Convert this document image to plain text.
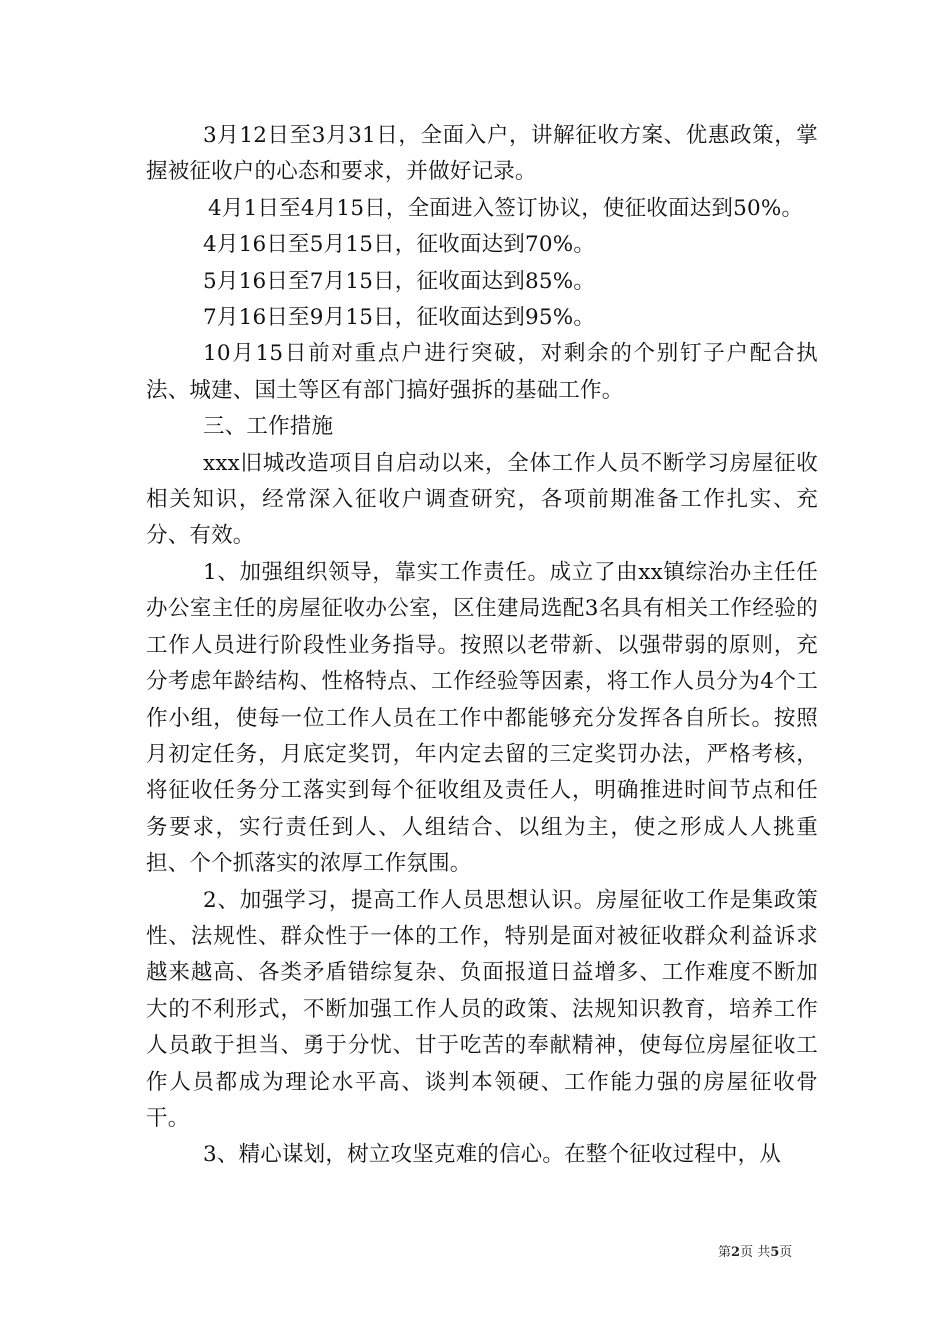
3月12日至3月31日，全面入户，讲解征收方案、优惠政策，掌握被征收户的心态和要求，并做好记录。

4月1日至4月15日，全面进入签订协议，使征收面达到50%。

4月16日至5月15日，征收面达到70%。

5月16日至7月15日，征收面达到85%。

7月16日至9月15日，征收面达到95%。

10月15日前对重点户进行突破，对剩余的个别钉子户配合执法、城建、国土等区有部门搞好强拆的基础工作。

三、工作措施

xxx旧城改造项目自启动以来，全体工作人员不断学习房屋征收相关知识，经常深入征收户调查研究，各项前期准备工作扎实、充分、有效。

1、加强组织领导，靠实工作责任。成立了由xx镇综治办主任任办公室主任的房屋征收办公室，区住建局选配3名具有相关工作经验的工作人员进行阶段性业务指导。按照以老带新、以强带弱的原则，充分考虑年龄结构、性格特点、工作经验等因素，将工作人员分为4个工作小组，使每一位工作人员在工作中都能够充分发挥各自所长。按照月初定任务，月底定奖罚，年内定去留的三定奖罚办法，严格考核，将征收任务分工落实到每个征收组及责任人，明确推进时间节点和任务要求，实行责任到人、人组结合、以组为主，使之形成人人挑重担、个个抓落实的浓厚工作氛围。

2、加强学习，提高工作人员思想认识。房屋征收工作是集政策性、法规性、群众性于一体的工作，特别是面对被征收群众利益诉求越来越高、各类矛盾错综复杂、负面报道日益增多、工作难度不断加大的不利形式，不断加强工作人员的政策、法规知识教育，培养工作人员敢于担当、勇于分忧、甘于吃苦的奉献精神，使每位房屋征收工作人员都成为理论水平高、谈判本领硬、工作能力强的房屋征收骨干。

3、精心谋划，树立攻坚克难的信心。在整个征收过程中，从

第2页 共5页
